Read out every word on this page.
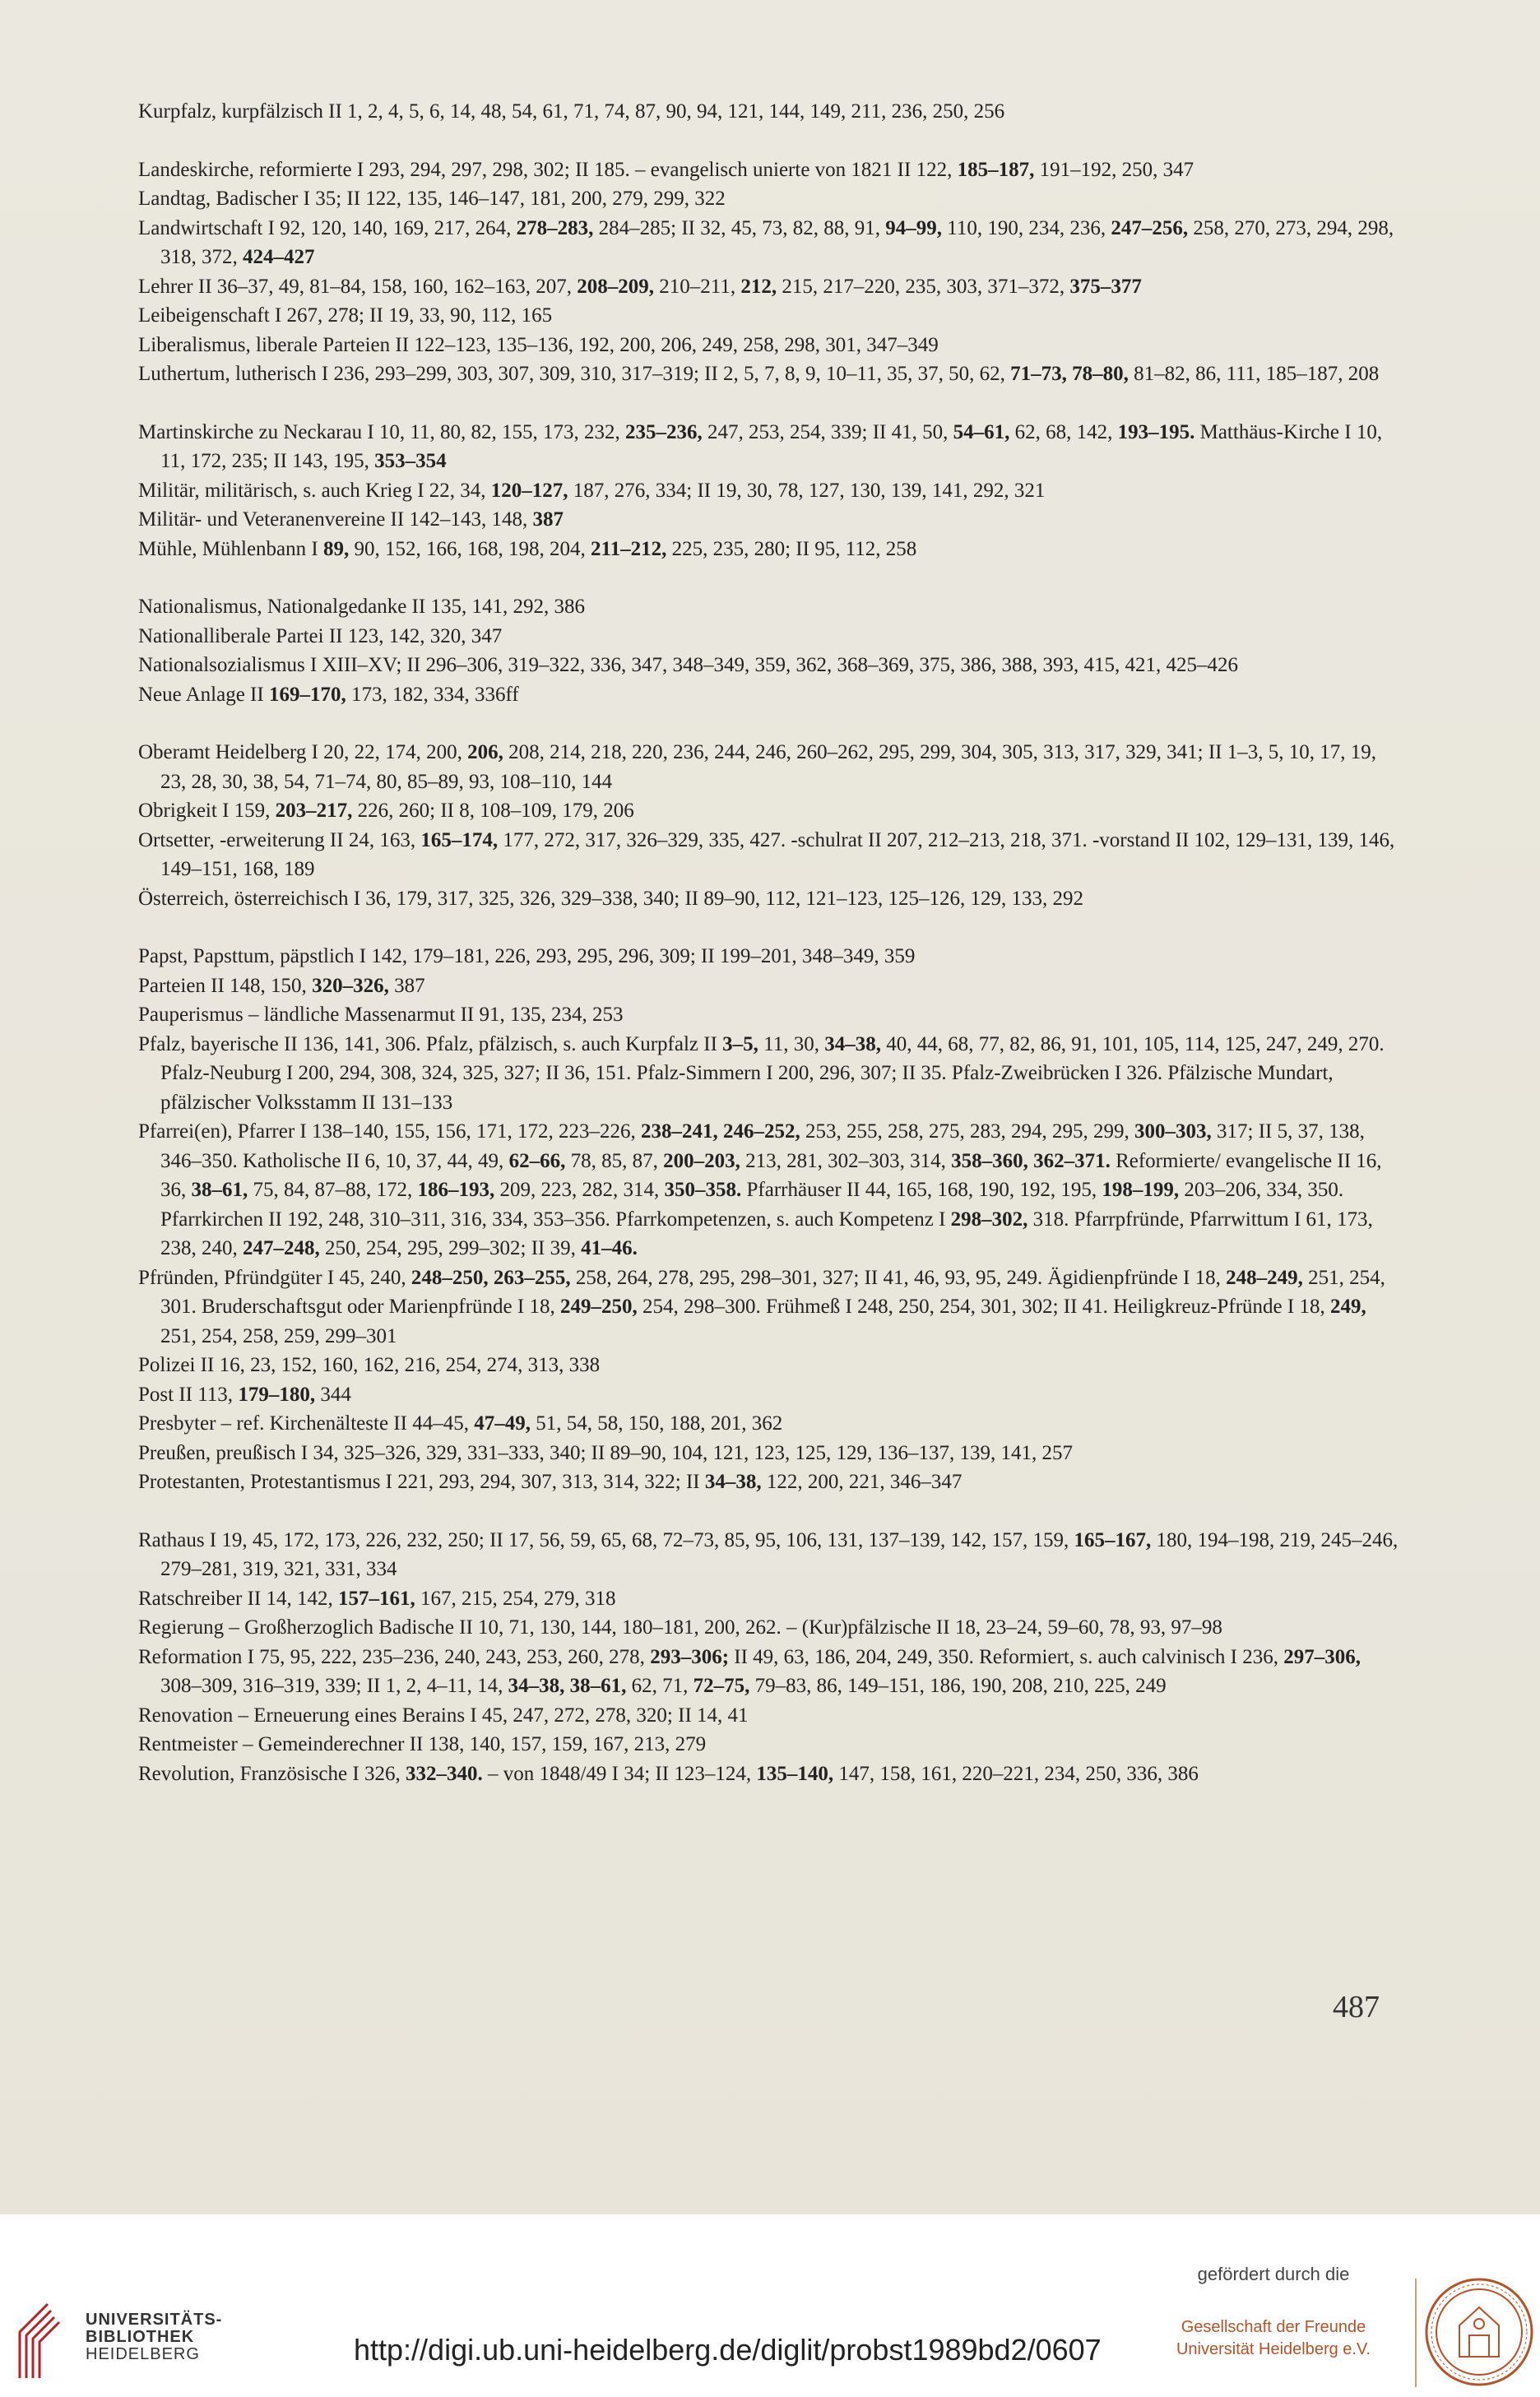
Kurpfalz, kurpfälzisch II 1, 2, 4, 5, 6, 14, 48, 54, 61, 71, 74, 87, 90, 94, 121, 144, 149, 211, 236, 250, 256
Landeskirche, reformierte I 293, 294, 297, 298, 302; II 185. – evangelisch unierte von 1821 II 122, 185–187, 191–192, 250, 347
Landtag, Badischer I 35; II 122, 135, 146–147, 181, 200, 279, 299, 322
Landwirtschaft I 92, 120, 140, 169, 217, 264, 278–283, 284–285; II 32, 45, 73, 82, 88, 91, 94–99, 110, 190, 234, 236, 247–256, 258, 270, 273, 294, 298, 318, 372, 424–427
Lehrer II 36–37, 49, 81–84, 158, 160, 162–163, 207, 208–209, 210–211, 212, 215, 217–220, 235, 303, 371–372, 375–377
Leibeigenschaft I 267, 278; II 19, 33, 90, 112, 165
Liberalismus, liberale Parteien II 122–123, 135–136, 192, 200, 206, 249, 258, 298, 301, 347–349
Luthertum, lutherisch I 236, 293–299, 303, 307, 309, 310, 317–319; II 2, 5, 7, 8, 9, 10–11, 35, 37, 50, 62, 71–73, 78–80, 81–82, 86, 111, 185–187, 208
Martinskirche zu Neckarau I 10, 11, 80, 82, 155, 173, 232, 235–236, 247, 253, 254, 339; II 41, 50, 54–61, 62, 68, 142, 193–195. Matthäus-Kirche I 10, 11, 172, 235; II 143, 195, 353–354
Militär, militärisch, s. auch Krieg I 22, 34, 120–127, 187, 276, 334; II 19, 30, 78, 127, 130, 139, 141, 292, 321
Militär- und Veteranenvereine II 142–143, 148, 387
Mühle, Mühlenbann I 89, 90, 152, 166, 168, 198, 204, 211–212, 225, 235, 280; II 95, 112, 258
Nationalismus, Nationalgedanke II 135, 141, 292, 386
Nationalliberale Partei II 123, 142, 320, 347
Nationalsozialismus I XIII–XV; II 296–306, 319–322, 336, 347, 348–349, 359, 362, 368–369, 375, 386, 388, 393, 415, 421, 425–426
Neue Anlage II 169–170, 173, 182, 334, 336ff
Oberamt Heidelberg I 20, 22, 174, 200, 206, 208, 214, 218, 220, 236, 244, 246, 260–262, 295, 299, 304, 305, 313, 317, 329, 341; II 1–3, 5, 10, 17, 19, 23, 28, 30, 38, 54, 71–74, 80, 85–89, 93, 108–110, 144
Obrigkeit I 159, 203–217, 226, 260; II 8, 108–109, 179, 206
Ortsetter, -erweiterung II 24, 163, 165–174, 177, 272, 317, 326–329, 335, 427. -schulrat II 207, 212–213, 218, 371. -vorstand II 102, 129–131, 139, 146, 149–151, 168, 189
Österreich, österreichisch I 36, 179, 317, 325, 326, 329–338, 340; II 89–90, 112, 121–123, 125–126, 129, 133, 292
Papst, Papsttum, päpstlich I 142, 179–181, 226, 293, 295, 296, 309; II 199–201, 348–349, 359
Parteien II 148, 150, 320–326, 387
Pauperismus – ländliche Massenarmut II 91, 135, 234, 253
Pfalz, bayerische II 136, 141, 306. Pfalz, pfälzisch, s. auch Kurpfalz II 3–5, 11, 30, 34–38, 40, 44, 68, 77, 82, 86, 91, 101, 105, 114, 125, 247, 249, 270. Pfalz-Neuburg I 200, 294, 308, 324, 325, 327; II 36, 151. Pfalz-Simmern I 200, 296, 307; II 35. Pfalz-Zweibrücken I 326. Pfälzische Mundart, pfälzischer Volksstamm II 131–133
Pfarrei(en), Pfarrer I 138–140, 155, 156, 171, 172, 223–226, 238–241, 246–252, 253, 255, 258, 275, 283, 294, 295, 299, 300–303, 317; II 5, 37, 138, 346–350. Katholische II 6, 10, 37, 44, 49, 62–66, 78, 85, 87, 200–203, 213, 281, 302–303, 314, 358–360, 362–371. Reformierte/ evangelische II 16, 36, 38–61, 75, 84, 87–88, 172, 186–193, 209, 223, 282, 314, 350–358. Pfarrhäuser II 44, 165, 168, 190, 192, 195, 198–199, 203–206, 334, 350. Pfarrkirchen II 192, 248, 310–311, 316, 334, 353–356. Pfarrkompetenzen, s. auch Kompetenz I 298–302, 318. Pfarrpfründe, Pfarrwittum I 61, 173, 238, 240, 247–248, 250, 254, 295, 299–302; II 39, 41–46.
Pfründen, Pfründgüter I 45, 240, 248–250, 263–255, 258, 264, 278, 295, 298–301, 327; II 41, 46, 93, 95, 249. Ägidienpfründe I 18, 248–249, 251, 254, 301. Bruderschaftsgut oder Marienpfründe I 18, 249–250, 254, 298–300. Frühmeß I 248, 250, 254, 301, 302; II 41. Heiligkreuz-Pfründe I 18, 249, 251, 254, 258, 259, 299–301
Polizei II 16, 23, 152, 160, 162, 216, 254, 274, 313, 338
Post II 113, 179–180, 344
Presbyter – ref. Kirchenälteste II 44–45, 47–49, 51, 54, 58, 150, 188, 201, 362
Preußen, preußisch I 34, 325–326, 329, 331–333, 340; II 89–90, 104, 121, 123, 125, 129, 136–137, 139, 141, 257
Protestanten, Protestantismus I 221, 293, 294, 307, 313, 314, 322; II 34–38, 122, 200, 221, 346–347
Rathaus I 19, 45, 172, 173, 226, 232, 250; II 17, 56, 59, 65, 68, 72–73, 85, 95, 106, 131, 137–139, 142, 157, 159, 165–167, 180, 194–198, 219, 245–246, 279–281, 319, 321, 331, 334
Ratschreiber II 14, 142, 157–161, 167, 215, 254, 279, 318
Regierung – Großherzoglich Badische II 10, 71, 130, 144, 180–181, 200, 262. – (Kur)pfälzische II 18, 23–24, 59–60, 78, 93, 97–98
Reformation I 75, 95, 222, 235–236, 240, 243, 253, 260, 278, 293–306; II 49, 63, 186, 204, 249, 350. Reformiert, s. auch calvinisch I 236, 297–306, 308–309, 316–319, 339; II 1, 2, 4–11, 14, 34–38, 38–61, 62, 71, 72–75, 79–83, 86, 149–151, 186, 190, 208, 210, 225, 249
Renovation – Erneuerung eines Berains I 45, 247, 272, 278, 320; II 14, 41
Rentmeister – Gemeinderechner II 138, 140, 157, 159, 167, 213, 279
Revolution, Französische I 326, 332–340. – von 1848/49 I 34; II 123–124, 135–140, 147, 158, 161, 220–221, 234, 250, 336, 386
487
UNIVERSITÄTS-
BIBLIOTHEK
HEIDELBERG	http://digi.ub.uni-heidelberg.de/diglit/probst1989bd2/0607
gefördert durch die
Gesellschaft der Freunde
Universität Heidelberg e.V.
